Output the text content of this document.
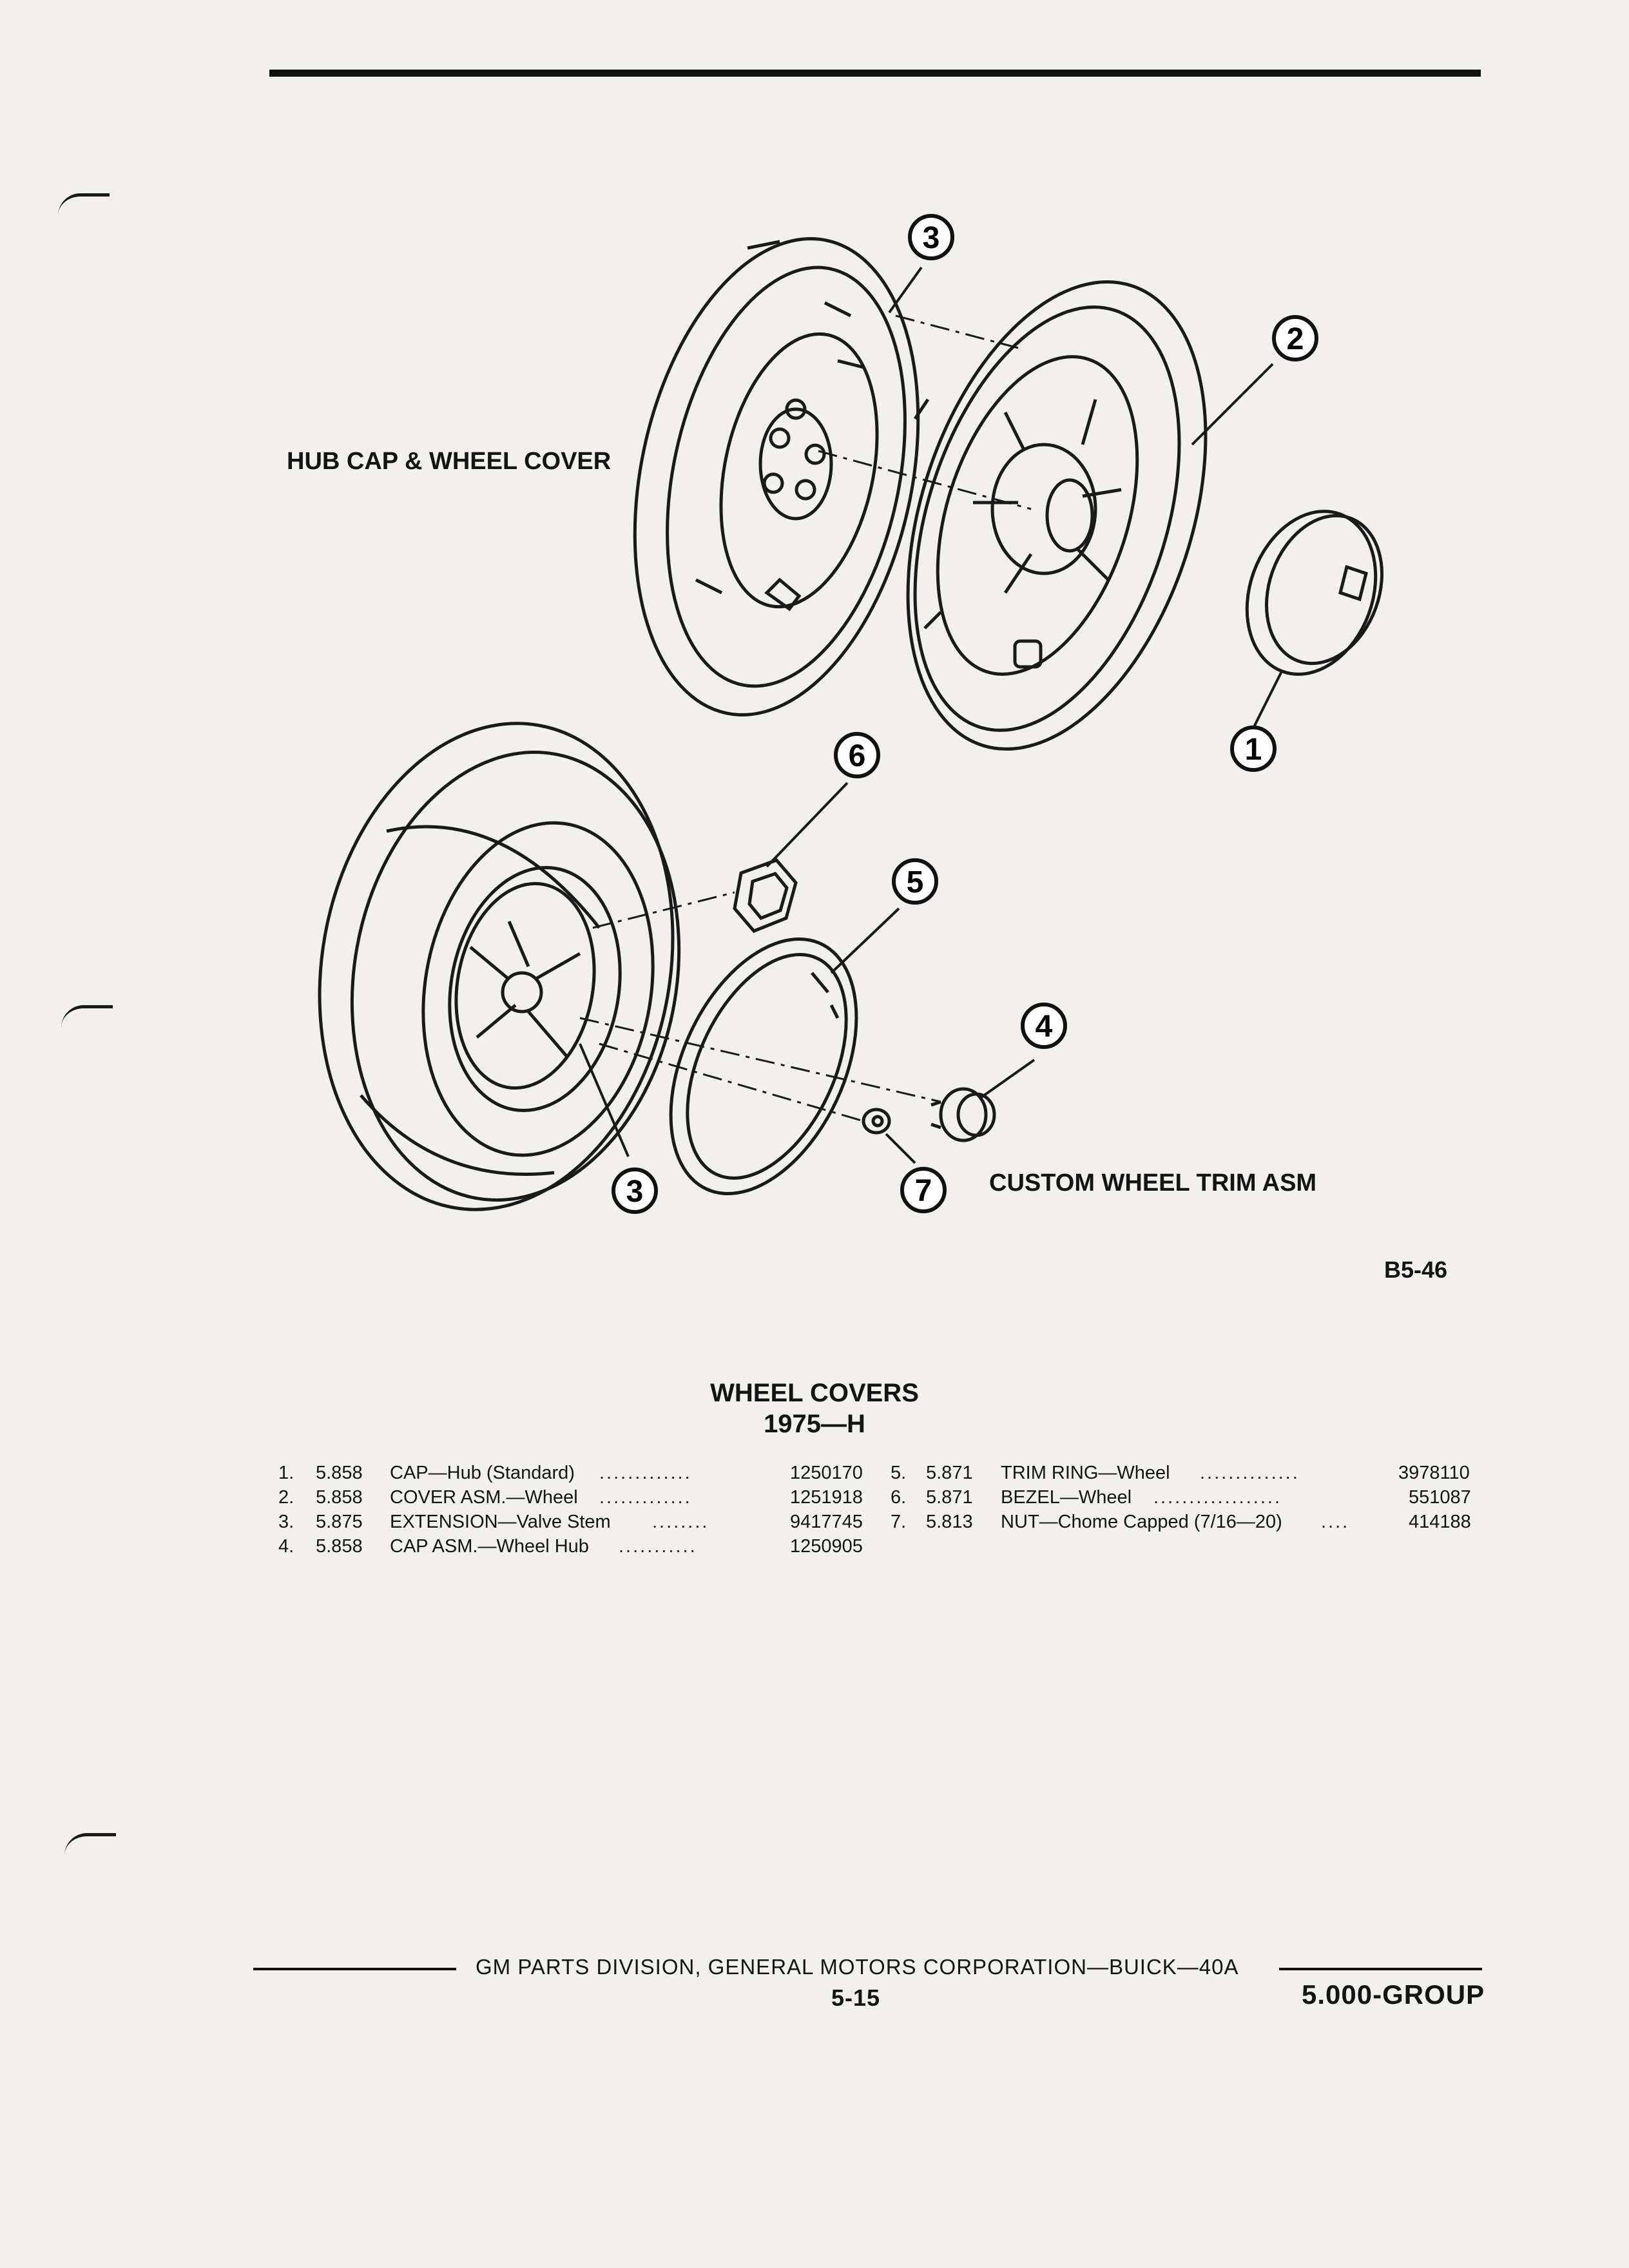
HUB CAP & WHEEL COVER
CUSTOM WHEEL TRIM ASM
B5-46
1
2
3
6
5
4
7
3
WHEEL COVERS
1975—H
1. 5.858 CAP—Hub (Standard) .............	1250170
2. 5.858 COVER ASM.—Wheel .............	1251918
3. 5.875 EXTENSION—Valve Stem ........	9417745
4. 5.858 CAP ASM.—Wheel Hub ...........	1250905
5. 5.871 TRIM RING—Wheel ..............	3978110
6. 5.871 BEZEL—Wheel ..................	551087
7. 5.813 NUT—Chome Capped (7/16—20) ....	414188
GM PARTS DIVISION, GENERAL MOTORS CORPORATION—BUICK—40A
5-15	5.000-GROUP
